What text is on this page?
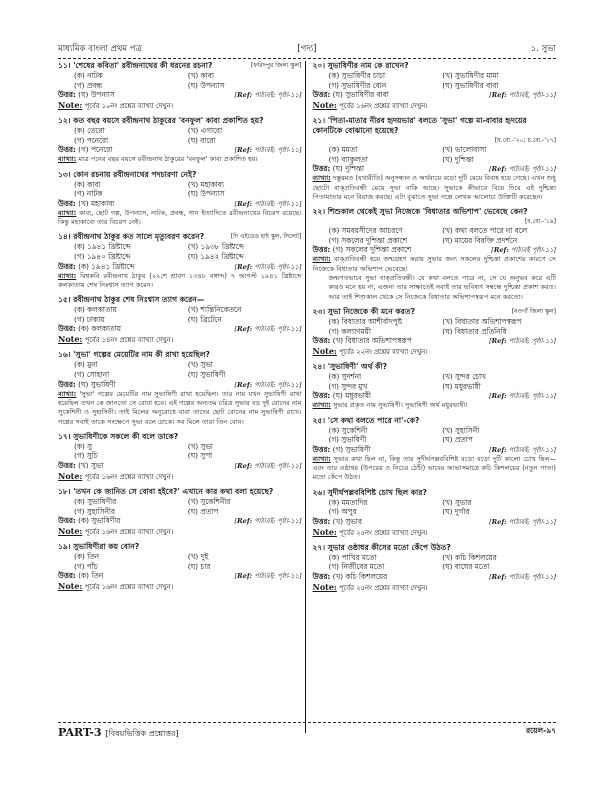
মাধ্যমিক বাংলা প্রথম পত্র	[গদ্য]	১. সুভা
১১। 'শেষের কবিতা' রবীন্দ্রনাথের কী ধরনের রচনা?	[ফরিদপুর জিলা স্কুল]
(ক) নাটক	(খ) কাব্য
(গ) প্রবন্ধ	(ঘ) উপন্যাস
উত্তর: (ঘ) উপন্যাস	[Ref: পাঠ্যবই: পৃষ্ঠা-১১]
Note: পূর্বের ১০নং প্রশ্নের ব্যাখ্যা দেখুন।
১২। কত বছর বয়সে রবীন্দ্রনাথ ঠাকুরের 'বনফুল' কাব্য প্রকাশিত হয়?
(ক) তেরো	(খ) এগারো
(গ) পনেরো	(ঘ) বারো
উত্তর: (গ) পনেরো	[Ref: পাঠ্যবই: পৃষ্ঠা-১১]
ব্যাখ্যা: মাত্র পনের বছর বয়সে রবীন্দ্রনাথ ঠাকুরের 'বনফুল' কাব্য প্রকাশিত হয়।
১৩। কোন রচনায় রবীন্দ্রনাথের পদচারণা নেই?
(ক) কাব্য	(খ) মহাকাব্য
(গ) নাটক	(ঘ) উপন্যাস
উত্তর: (খ) মহাকাব্য	[Ref: পাঠ্যবই: পৃষ্ঠা-১১]
ব্যাখ্যা: কাব্য, ছোট গল্প, উপন্যাস, নাটক, প্রবন্ধ, গান ইত্যাদিতে রবীন্দ্রনাথের বিচরণ রয়েছে। কিন্তু মহাকাব্যে তার বিচরণ নেই।
১৪। রবীন্দ্রনাথ ঠাকুর কত সালে মৃত্যুবরণ করেন?	[দি এইডেড হাই স্কুল, সিলেট]
(ক) ১৯৪১ খ্রিষ্টাব্দে	(খ) ১৯৩৮ খ্রিষ্টাব্দে
(গ) ১৯৪০ খ্রিষ্টাব্দে	(ঘ) ১৯৪২ খ্রিষ্টাব্দে
উত্তর: (ক) ১৯৪১ খ্রিষ্টাব্দে	[Ref: পাঠ্যবই: পৃষ্ঠা-১১]
ব্যাখ্যা: বিশ্বকবি রবীন্দ্রনাথ ঠাকুর (২২শে শ্রাবণ ১৩৪৮ বঙ্গাব্দ) ৭ আগস্ট ১৯৪১ খ্রিষ্টাব্দে কলকাতায় শেষ নিঃশ্বাস ত্যাগ করেন।
১৫। রবীন্দ্রনাথ ঠাকুর শেষ নিঃশ্বাস ত্যাগ করেন—
(ক) কলকাতায়	(খ) শান্তিনিকেতনে
(গ) ঢাকায়	(ঘ) ব্রিটেনে
উত্তর: (ক) কলকাতায়	[Ref: পাঠ্যবই: পৃষ্ঠা-১১]
Note: পূর্বের ১৪নং প্রশ্নের ব্যাখ্যা দেখুন।
১৬। 'সুভা' গল্পের মেয়েটির নাম কী রাখা হয়েছিল?
(ক) মুনা	(খ) সুভা
(গ) সোহানা	(ঘ) সুভাষিণী
উত্তর: (ঘ) সুভাষিণী	[Ref: পাঠ্যবই: পৃষ্ঠা-১১]
ব্যাখ্যা: 'সুভা' গল্পের মেয়েটির নাম সুভাষিণী রাখা হয়েছিল। তার নাম যখন সুভাষিণী রাখা হয়েছিল তখন কে জানতো সে বোবা হবে। এই গল্পের অন্যতম চরিত্র সুভার বড় দুই বোনের নাম সুকেশিনী ও সুহাসিনী। তাই মিলের অনুরোধে বাবা তাদের ছোট বোনের নাম সুভাষিণী রাখে। গল্পের সবাই তাকে সংক্ষেপে সুভা বলে ডাকে। সব মিলে তারা তিন বোন।
১৭। সুভাষিণীকে সকলে কী বলে ডাকে?
(ক) সু	(খ) সুভা
(গ) সুচি	(ঘ) সুপা
উত্তর: (খ) সুভা	[Ref: পাঠ্যবই: পৃষ্ঠা-১১]
Note: পূর্বের ১৬নং প্রশ্নের ব্যাখ্যা দেখুন।
১৮। 'তখন কে জানিত সে বোবা হইবে?' এখানে কার কথা বলা হয়েছে?
(ক) সুভাষিণীর	(খ) সুকেশিনীর
(গ) সুহাসিনীর	(ঘ) প্রতাপ
উত্তর: (ক) সুভাষিণীর	[Ref: পাঠ্যবই: পৃষ্ঠা-১১]
Note: পূর্বের ১৬নং প্রশ্নের ব্যাখ্যা দেখুন।
১৯। সুভাষিণীরা কয় বোন?
(ক) তিন	(খ) দুই
(গ) পাঁচ	(ঘ) চার
উত্তর: (ক) তিন	[Ref: পাঠ্যবই: পৃষ্ঠা-১১]
Note: পূর্বের ১৬নং প্রশ্নের ব্যাখ্যা দেখুন।
২০। সুভাষিণীর নাম কে রাখেন?
(ক) সুভাষিণীর চাচা	(খ) সুভাষিণীর মামা
(গ) সুভাষিণীর বোন	(ঘ) সুভাষিণীর বাবা
উত্তর: (ঘ) সুভাষিণীর বাবা	[Ref: পাঠ্যবই, পৃষ্ঠা-১১]
Note: পূর্বের ১৬নং প্রশ্নের ব্যাখ্যা দেখুন।
২১। 'পিতা-মাতার নীরব হৃদয়ভার' বলতে 'সুভা' গল্পে মা-বাবার হৃদয়ের কোনটিকে বোঝানো হয়েছে?
[য.বো.-'২০; চ.বো.-'১৭]
(ক) মমতা	(খ) ভালোবাসা
(গ) ব্যাকুলতা	(ঘ) দুশ্চিন্তা
উত্তর: (ঘ) দুশ্চিন্তা	[Ref: পাঠ্যবই: পৃষ্ঠা-১১]
ব্যাখ্যা: দস্তুরমত (যথারীতি) অনুসন্ধান ও অর্থব্যয়ে বড়ো দুটি মেয়ে বিবাহ হয়ে গেছে। এখন শুধু ছোটো বাক্প্রতিবন্ধী মেয়ে সুভা বাকি আছে। সুভাকে কীভাবে বিয়ে দিবে এই দুশ্চিন্তা পিতামাতার মনে বিরাজ করছে। এটা বুঝাতে সুভা গল্পে লেখক আলোচ্য উক্তিটি করেছেন।
২২। শিশুকাল থেকেই সুভা নিজেকে 'বিধাতার অভিশাপ' ভেবেছে কেন?
[ব.বো.-'১৯]
(ক) সমবয়সীদের আচরণে	(খ) কথা বলতে পারে না বলে
(গ) সকলের দুশ্চিন্তা প্রকাশে	(ঘ) মায়ের বিরক্তি প্রদর্শনে
উত্তর: (গ) সকলের দুশ্চিন্তা প্রকাশে	[Ref: পাঠ্যবই পৃষ্ঠা-১১]
ব্যাখ্যা: বাক্প্রতিবন্ধী হয়ে জন্মগ্রহণ করায় সুভার জন্য সকলের দুশ্চিন্তা প্রকাশের কারণে সে নিজেকে বিধাতার অভিশাপ ভেবেছে।
জন্মগতভাবে সুভা বাক্প্রতিবন্ধী। যে কথা বলতে পারে না, সে যে অনুভব করে এটি কারও মনে হয় না, এজন্য তার সাক্ষাতেই সবাই তার ভবিষ্যৎ সম্বন্ধে দুশ্চিন্তা প্রকাশ করত। আর তাই শিশুকাল থেকে সে নিজেকে বিধাতার অভিশাপস্বরূপ মনে করতো।
২৩। সুভা নিজেকে কী মনে করত?	[নওগাঁ জিলা স্কুল]
(ক) বিধাতার আশীর্বাদপুষ্ট	(খ) বিধাতার অভিশাপস্বরূপ
(গ) কল্যাণময়ী	(ঘ) বিধাতার প্রতিনিধি
উত্তর: (খ) বিধাতার অভিশাপস্বরূপ	[Ref: পাঠ্যবই: পৃষ্ঠা-১১]
Note: পূর্বের ২২নং প্রশ্নের ব্যাখ্যা দেখুন।
২৪। 'সুভাষিণী' অর্থ কী?
(ক) সুদর্শনা	(খ) সুন্দর চোখ
(গ) সুন্দর মুখ	(ঘ) মধুরভাষী
উত্তর: (ঘ) মধুরভাষী	[Ref: পাঠ্যবই: পৃষ্ঠা-১১]
ব্যাখ্যা: সুভার প্রকৃত নাম সুভাষিণী। সুভাষিণী অর্থ মধুরভাষী।
২৫। 'সে কথা বলতে পারে না'-কে?
(ক) সুকেশিনী	(খ) সুহাসিনী
(গ) সুভাষিণী	(ঘ) প্রতাপ
উত্তর: (গ) সুভাষিণী	[Ref: পাঠ্যবই: পৃষ্ঠা-১১]
ব্যাখ্যা: সুভার কথা ছিল না, কিন্তু তার সুদীর্ঘপল্লববিশিষ্ট বড়ো বড়ো দুটি কালো চোখ ছিল—এবং তার ওষ্ঠাধর (উপরের ও নিচের ঠোঁট) ভাবের আভাসমাত্রে কচি কিশলয়ের (নতুন পাতা) মতো কেঁপে উঠত।
২৬। সুদীর্ঘপল্লববিশিষ্ট চোখ ছিল কার?
(ক) মমতাদির	(খ) সুভার
(গ) অপুর	(ঘ) দুর্গার
উত্তর: (খ) সুভার	[Ref: পাঠ্যবই: পৃষ্ঠা-১১]
Note: পূর্বের ২৫নং প্রশ্নের ব্যাখ্যা দেখুন।
২৭। সুভার ওষ্ঠাধর কীসের মতো কেঁপে উঠত?
(ক) পাখির মতো	(খ) কচি কিশলয়ের
(গ) নির্জীবের মতো	(ঘ) বাঘের মতো
উত্তর: (খ) কচি কিশলয়ের	[Ref: পাঠ্যবই: পৃষ্ঠা-১১]
Note: পূর্বের ২৫নং প্রশ্নের ব্যাখ্যা দেখুন।
PART-3 [বিষয়ভিত্তিক প্রশ্নোত্তর]	রয়েল-৯৭
